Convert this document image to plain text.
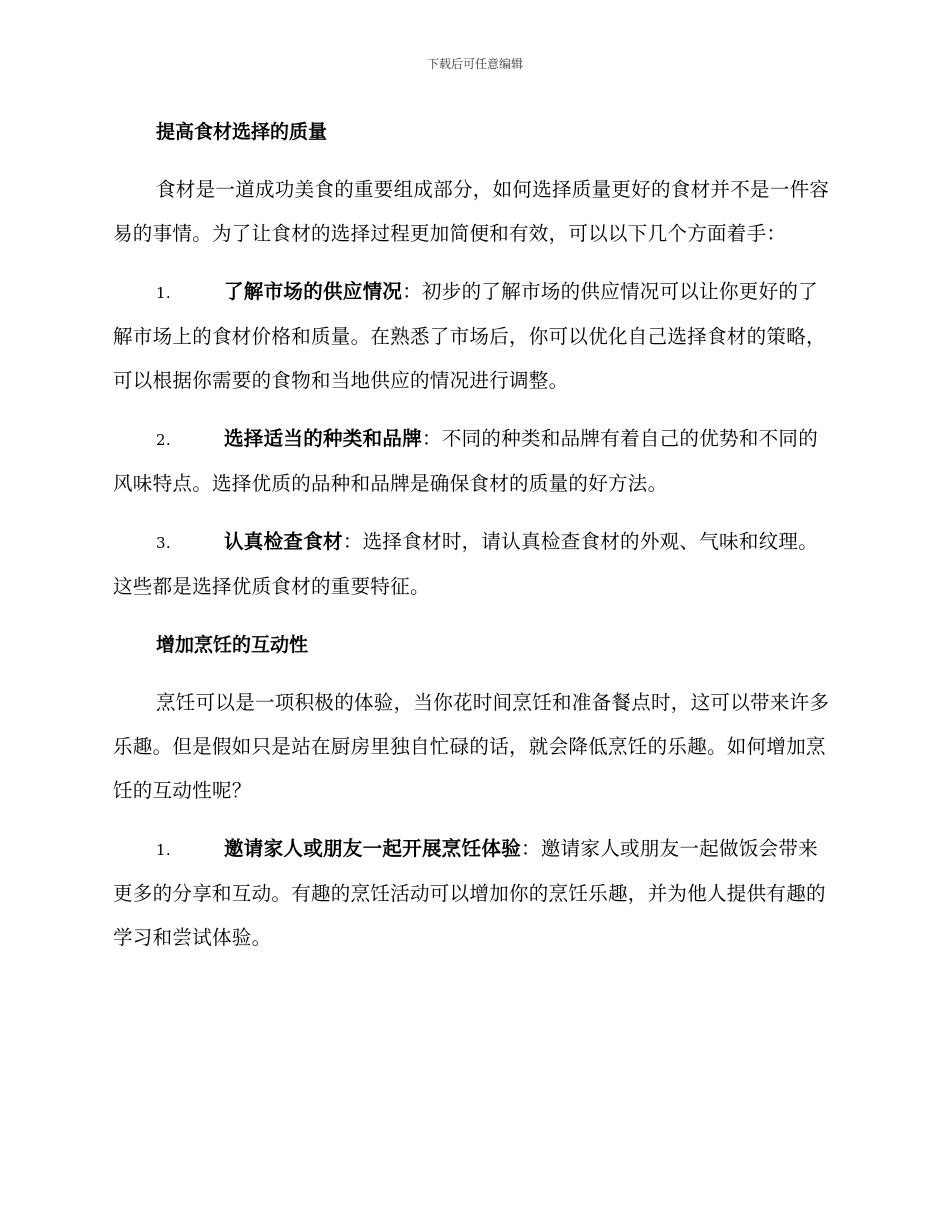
下载后可任意编辑
提高食材选择的质量

食材是一道成功美食的重要组成部分，如何选择质量更好的食材并不是一件容易的事情。为了让食材的选择过程更加简便和有效，可以以下几个方面着手：

1.	了解市场的供应情况：初步的了解市场的供应情况可以让你更好的了解市场上的食材价格和质量。在熟悉了市场后，你可以优化自己选择食材的策略，可以根据你需要的食物和当地供应的情况进行调整。

2.	选择适当的种类和品牌：不同的种类和品牌有着自己的优势和不同的风味特点。选择优质的品种和品牌是确保食材的质量的好方法。

3.	认真检查食材：选择食材时，请认真检查食材的外观、气味和纹理。这些都是选择优质食材的重要特征。

增加烹饪的互动性

烹饪可以是一项积极的体验，当你花时间烹饪和准备餐点时，这可以带来许多乐趣。但是假如只是站在厨房里独自忙碌的话，就会降低烹饪的乐趣。如何增加烹饪的互动性呢？

1.	邀请家人或朋友一起开展烹饪体验：邀请家人或朋友一起做饭会带来更多的分享和互动。有趣的烹饪活动可以增加你的烹饪乐趣，并为他人提供有趣的学习和尝试体验。
